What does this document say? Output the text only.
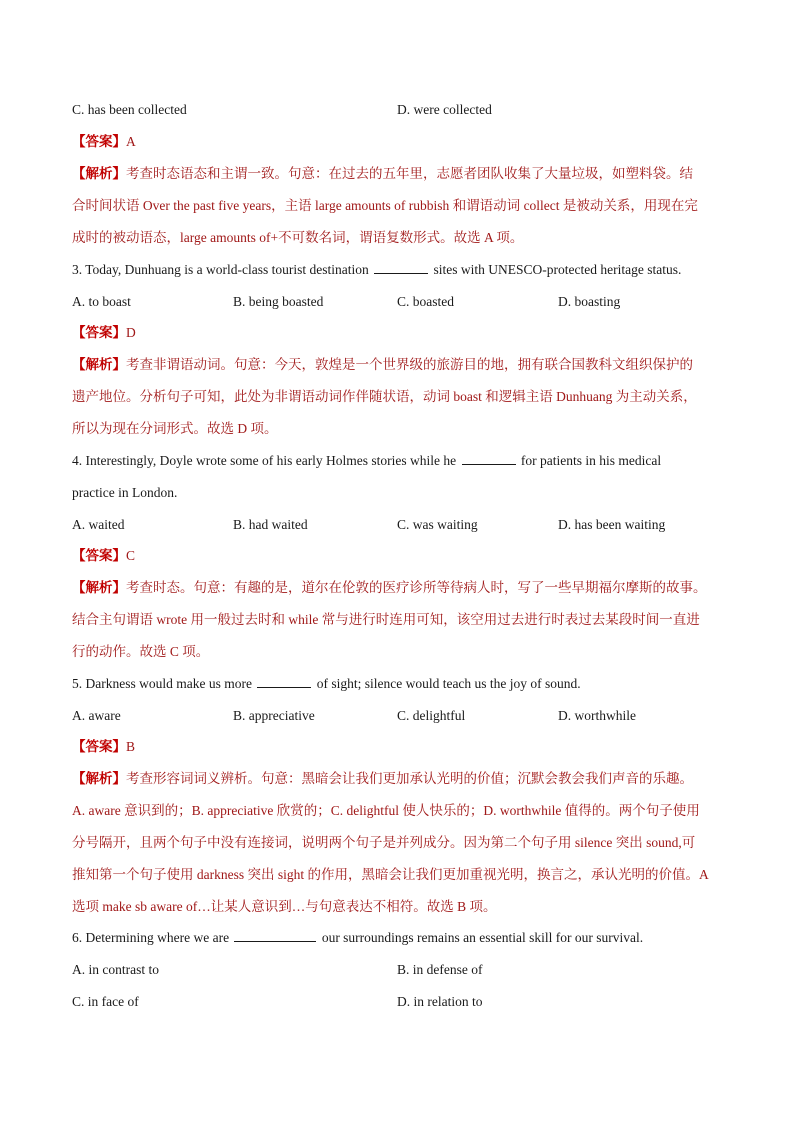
C. has been collected	D. were collected
【答案】A
【解析】考查时态语态和主谓一致。句意：在过去的五年里，志愿者团队收集了大量垃圾，如塑料袋。结
合时间状语 Over the past five years，主语 large amounts of rubbish 和谓语动词 collect 是被动关系，用现在完
成时的被动语态，large amounts of+不可数名词，谓语复数形式。故选 A 项。
3. Today, Dunhuang is a world-class tourist destination	sites with UNESCO-protected heritage status.
A. to boast	B. being boasted	C. boasted	D. boasting
【答案】D
【解析】考查非谓语动词。句意：今天，敦煌是一个世界级的旅游目的地，拥有联合国教科文组织保护的
遗产地位。分析句子可知，此处为非谓语动词作伴随状语，动词 boast 和逻辑主语 Dunhuang 为主动关系，
所以为现在分词形式。故选 D 项。
4. Interestingly, Doyle wrote some of his early Holmes stories while he	for patients in his medical
practice in London.
A. waited	B. had waited	C. was waiting	D. has been waiting
【答案】C
【解析】考查时态。句意：有趣的是，道尔在伦敦的医疗诊所等待病人时，写了一些早期福尔摩斯的故事。
结合主句谓语 wrote 用一般过去时和 while 常与进行时连用可知，该空用过去进行时表过去某段时间一直进
行的动作。故选 C 项。
5. Darkness would make us more	of sight; silence would teach us the joy of sound.
A. aware	B. appreciative	C. delightful	D. worthwhile
【答案】B
【解析】考查形容词词义辨析。句意：黑暗会让我们更加承认光明的价值；沉默会教会我们声音的乐趣。
A. aware 意识到的；B. appreciative 欣赏的；C. delightful 使人快乐的；D. worthwhile 值得的。两个句子使用
分号隔开，且两个句子中没有连接词，说明两个句子是并列成分。因为第二个句子用 silence 突出 sound,可
推知第一个句子使用 darkness 突出 sight 的作用，黑暗会让我们更加重视光明，换言之，承认光明的价值。A
选项 make sb aware of…让某人意识到…与句意表达不相符。故选 B 项。
6. Determining where we are	our surroundings remains an essential skill for our survival.
A. in contrast to	B. in defense of
C. in face of	D. in relation to
